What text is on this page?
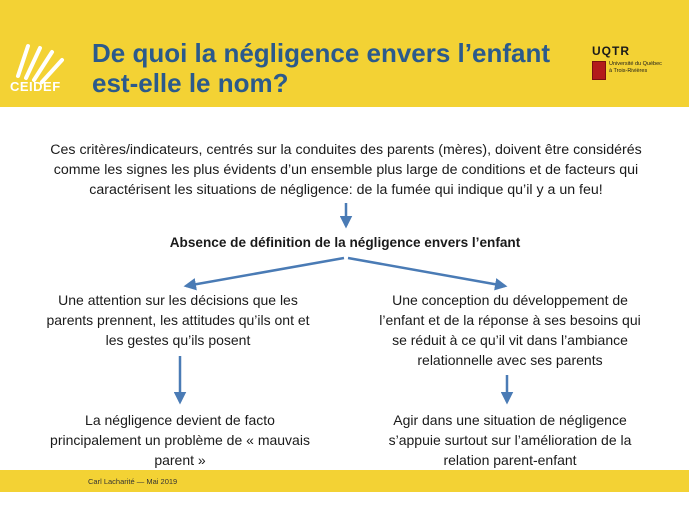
CEIDEF
De quoi la négligence envers l’enfant
est-elle le nom?
UQTR
Université du Québec
à Trois-Rivières
Ces critères/indicateurs, centrés sur la conduites des parents (mères), doivent être considérés
comme les signes les plus évidents d’un ensemble plus large de conditions et de facteurs qui
caractérisent les situations de négligence: de la fumée qui indique qu’il y a un feu!
Absence de définition de la négligence envers l’enfant
Une attention sur les décisions que les
parents prennent, les attitudes qu’ils ont et
les gestes qu’ils posent
Une conception du développement de
l’enfant et de la réponse à ses besoins qui
se réduit à ce qu’il vit dans l’ambiance
relationnelle avec ses parents
La négligence devient de facto
principalement un problème de « mauvais
parent »
Agir dans une situation de négligence
s’appuie surtout sur l’amélioration de la
relation parent-enfant
Carl Lacharité — Mai 2019
